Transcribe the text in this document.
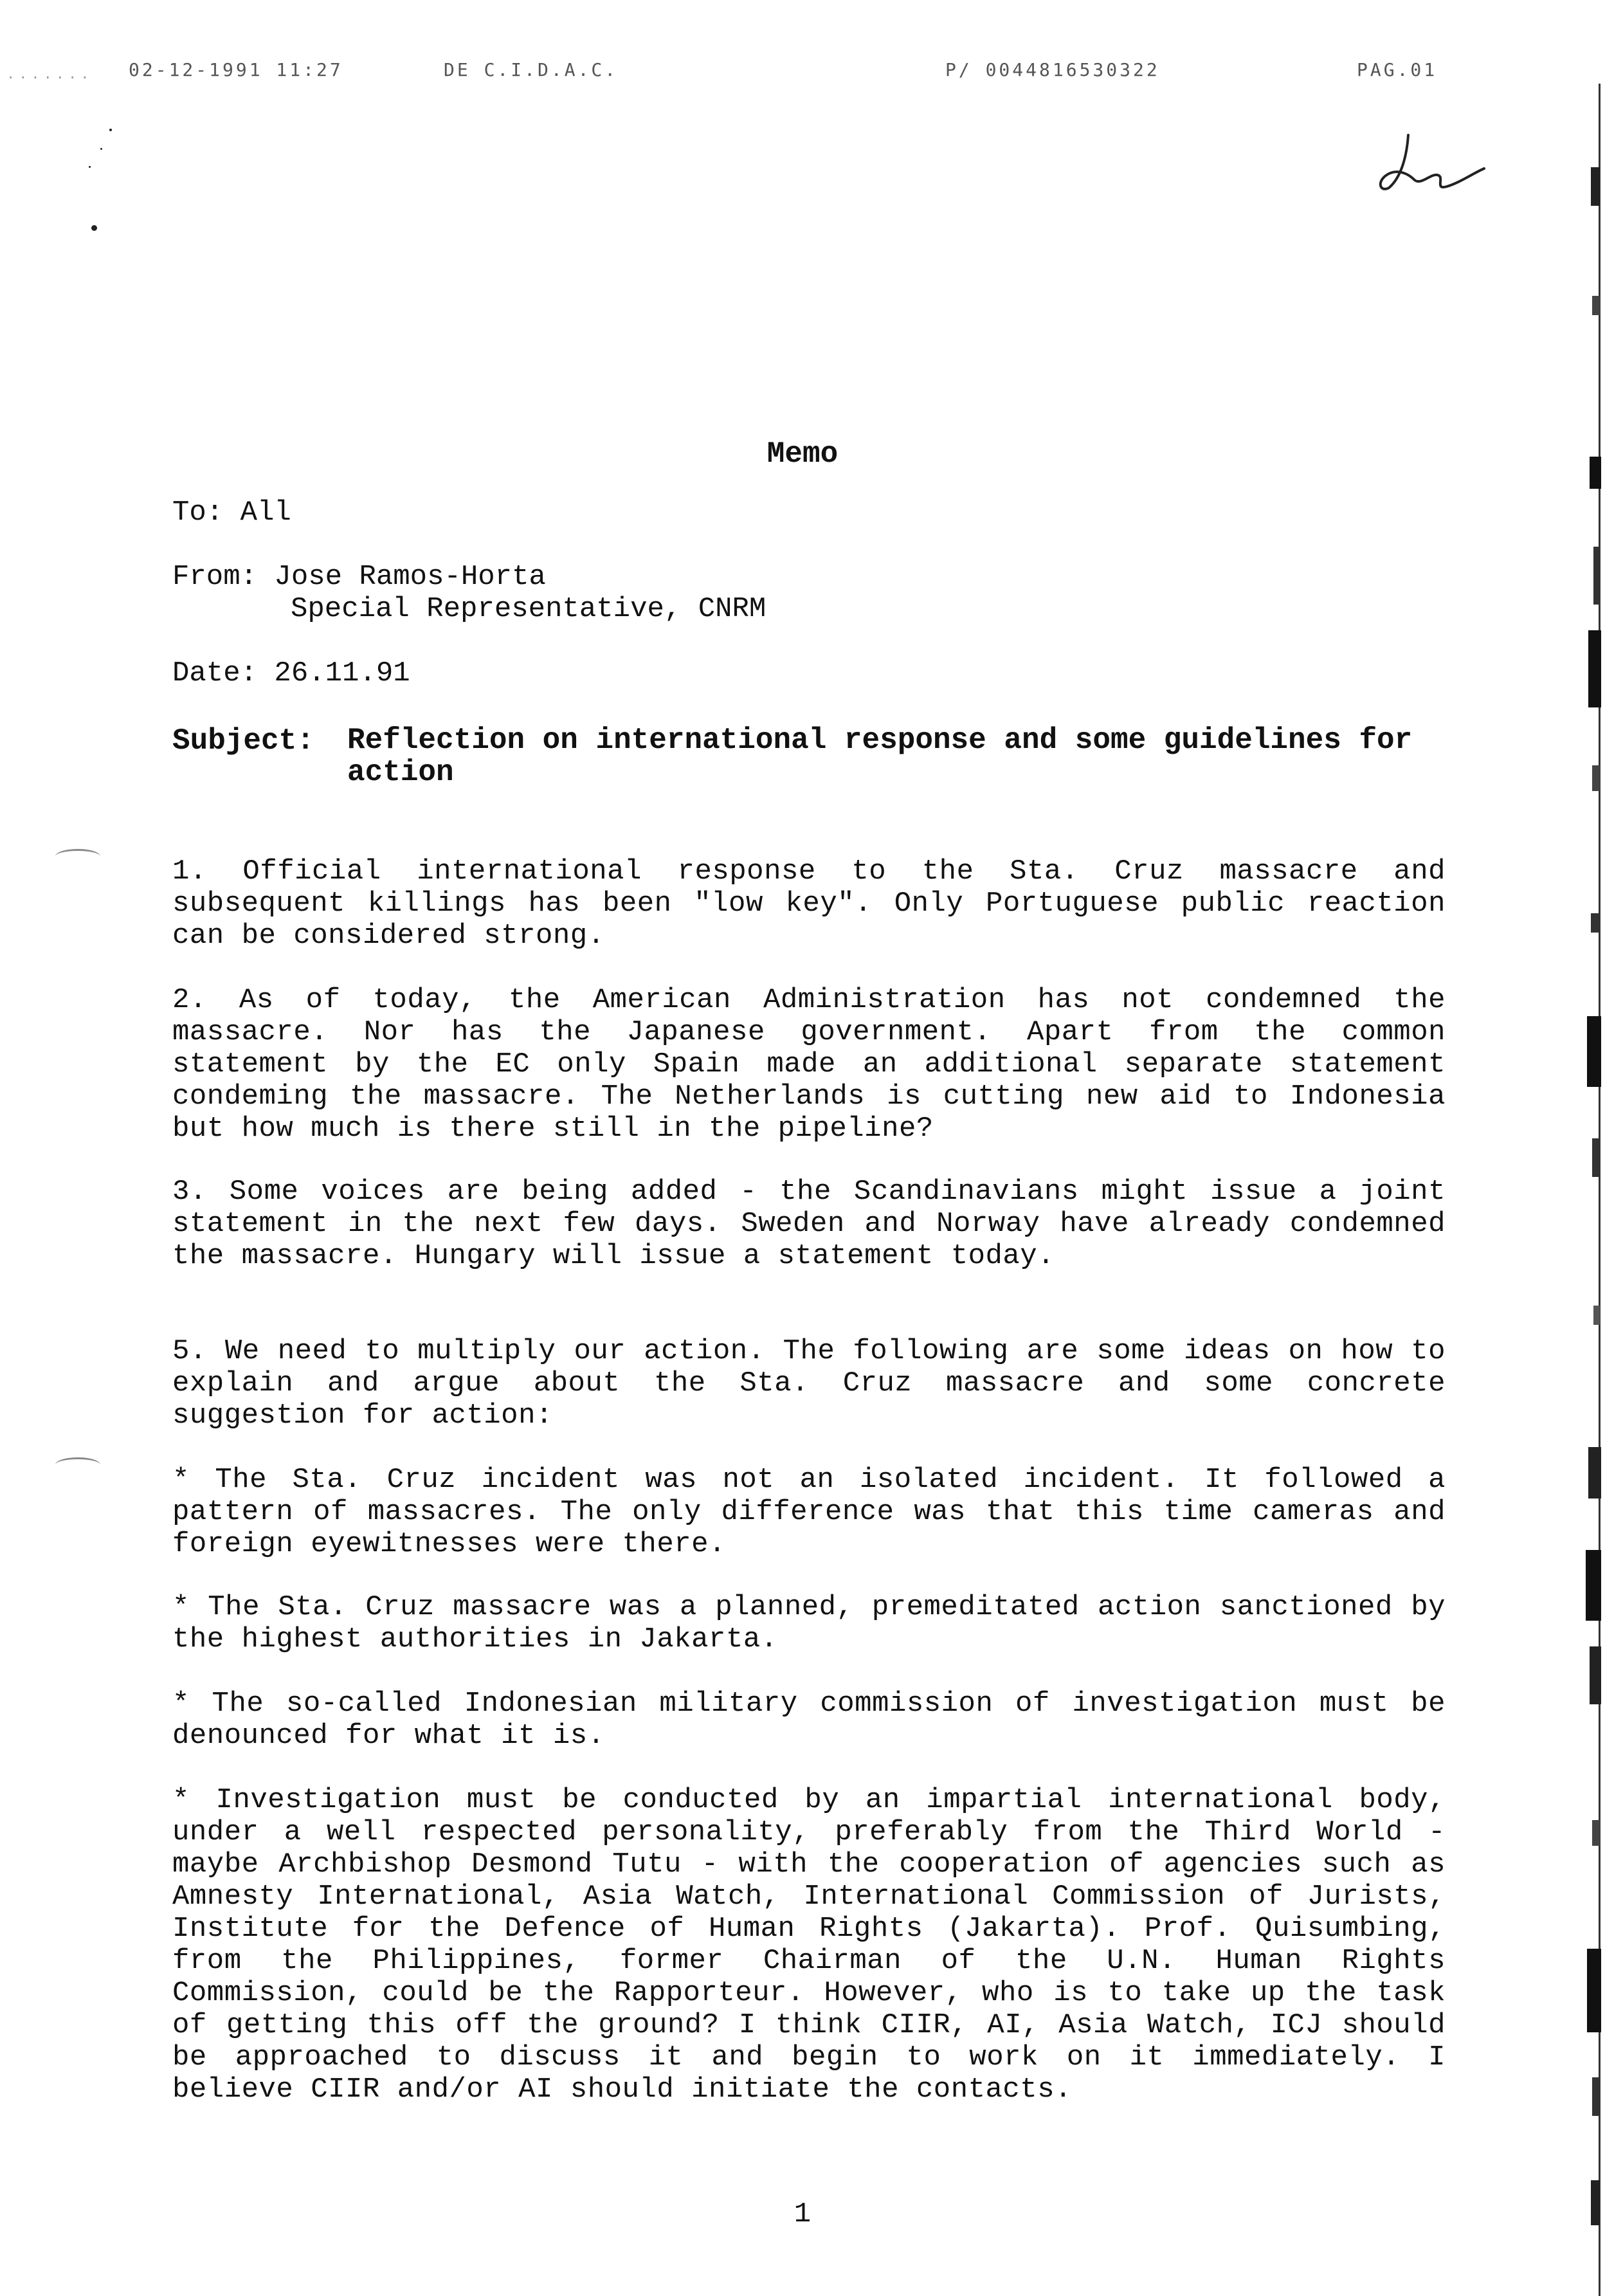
....... 02-12-1991 11:27	DE C.I.D.A.C.	P/ 0044816530322	PAG.01
Memo
To: All
From: Jose Ramos-Horta
Special Representative, CNRM
Date: 26.11.91
Subject: Reflection on international response and some guidelines for action
1. Official international response to the Sta. Cruz massacre and subsequent killings has been "low key". Only Portuguese public reaction can be considered strong.
2. As of today, the American Administration has not condemned the massacre. Nor has the Japanese government. Apart from the common statement by the EC only Spain made an additional separate statement condeming the massacre. The Netherlands is cutting new aid to Indonesia but how much is there still in the pipeline?
3. Some voices are being added - the Scandinavians might issue a joint statement in the next few days. Sweden and Norway have already condemned the massacre. Hungary will issue a statement today.
5. We need to multiply our action. The following are some ideas on how to explain and argue about the Sta. Cruz massacre and some concrete suggestion for action:
* The Sta. Cruz incident was not an isolated incident. It followed a pattern of massacres. The only difference was that this time cameras and foreign eyewitnesses were there.
* The Sta. Cruz massacre was a planned, premeditated action sanctioned by the highest authorities in Jakarta.
* The so-called Indonesian military commission of investigation must be denounced for what it is.
* Investigation must be conducted by an impartial international body, under a well respected personality, preferably from the Third World - maybe Archbishop Desmond Tutu - with the cooperation of agencies such as Amnesty International, Asia Watch, International Commission of Jurists, Institute for the Defence of Human Rights (Jakarta). Prof. Quisumbing, from the Philippines, former Chairman of the U.N. Human Rights Commission, could be the Rapporteur. However, who is to take up the task of getting this off the ground? I think CIIR, AI, Asia Watch, ICJ should be approached to discuss it and begin to work on it immediately. I believe CIIR and/or AI should initiate the contacts.
1
